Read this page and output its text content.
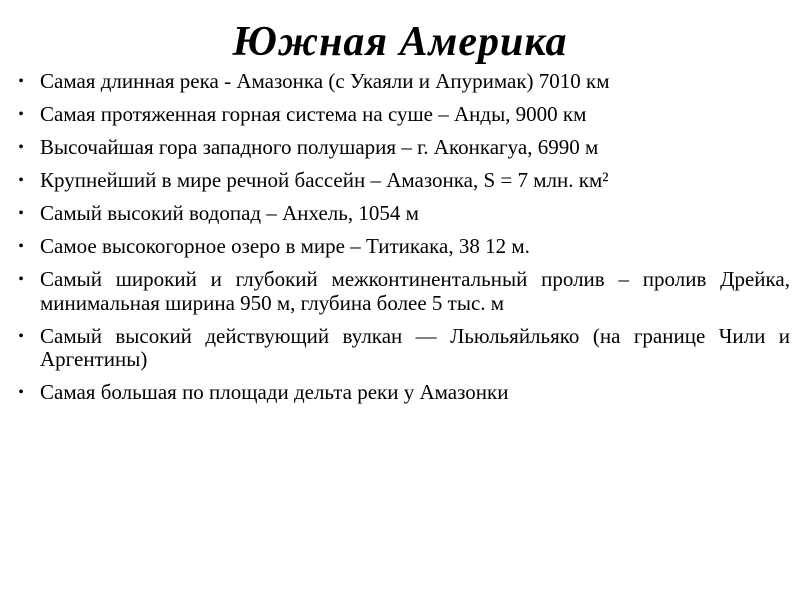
Южная Америка
• Самая длинная река - Амазонка (с Укаяли и Апуримак) 7010 км
• Самая протяженная горная система на суше – Анды, 9000 км
• Высочайшая гора западного полушария – г. Аконкагуа, 6990 м
• Крупнейший в мире речной бассейн – Амазонка, S = 7 млн. км²
• Самый высокий водопад – Анхель, 1054 м
• Самое высокогорное озеро в мире – Титикака, 38 12 м.
• Самый широкий и глубокий межконтинентальный пролив – пролив Дрейка, минимальная ширина 950 м, глубина более 5 тыс. м
• Самый высокий действующий вулкан — Льюльяйльяко (на границе Чили и Аргентины)
• Самая большая по площади дельта реки у Амазонки
